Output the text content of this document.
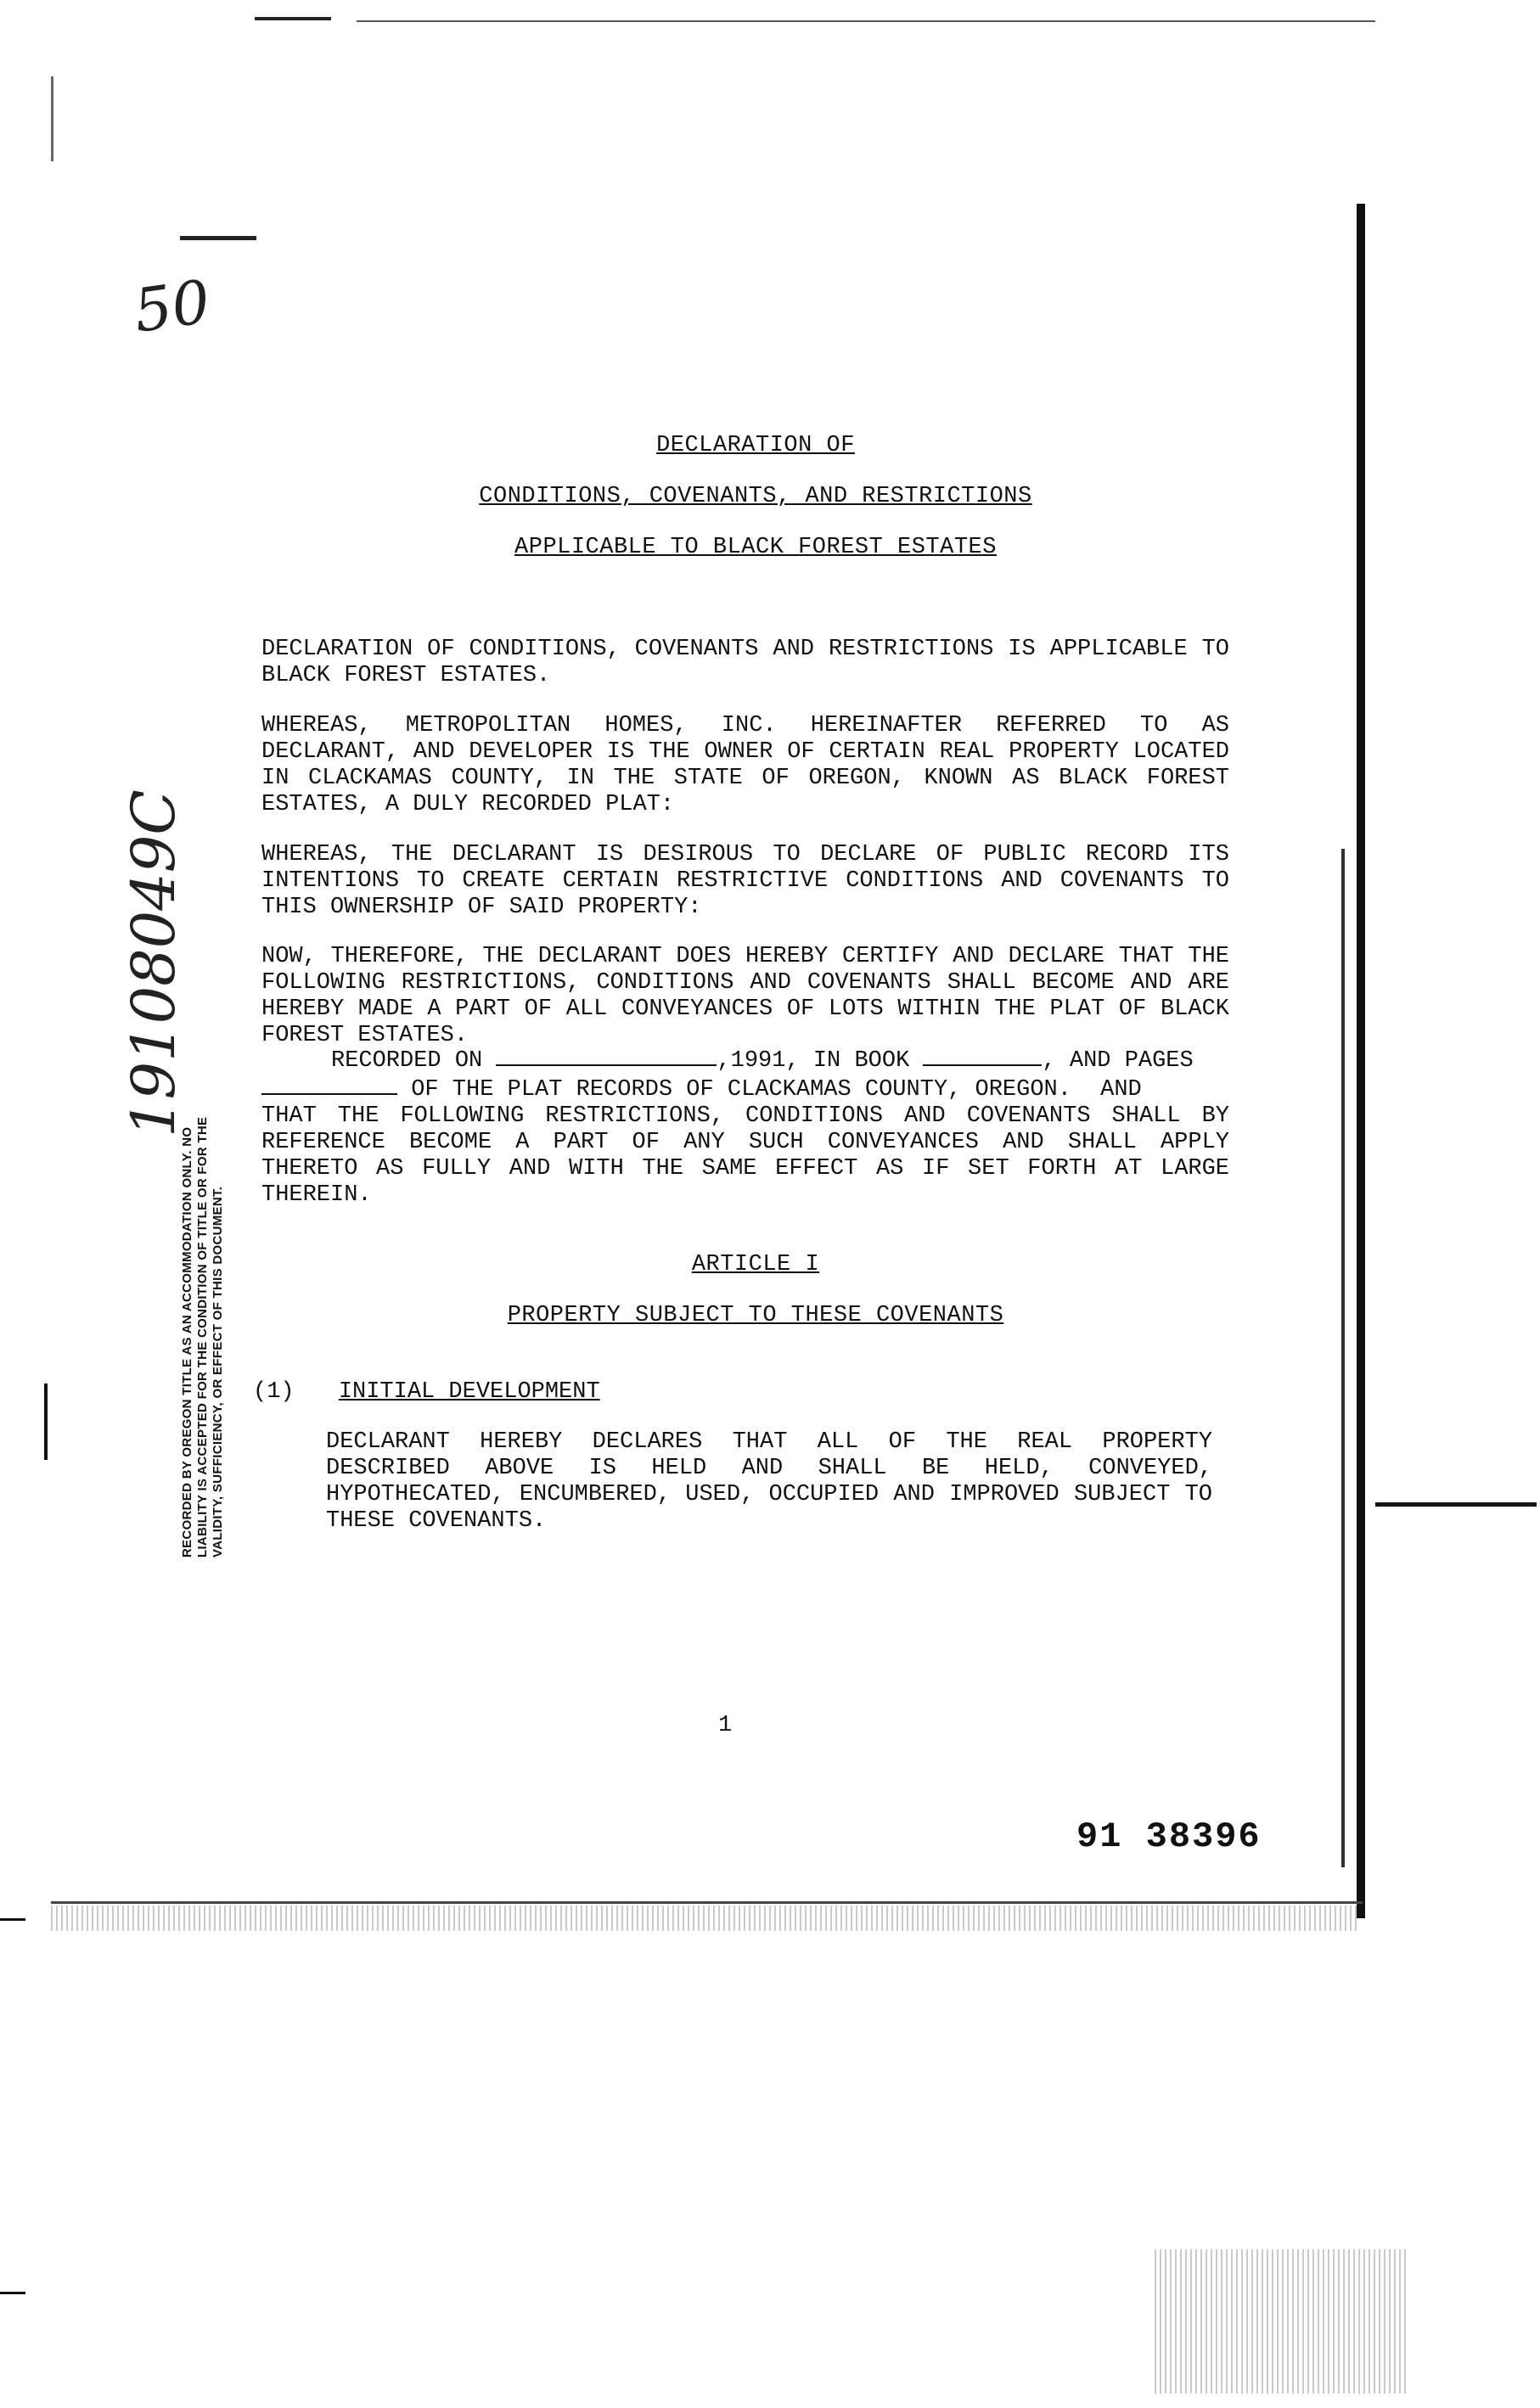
50
19108049C
RECORDED BY OREGON TITLE AS AN ACCOMMODATION ONLY. NO LIABILITY IS ACCEPTED FOR THE CONDITION OF TITLE OR FOR THE VALIDITY, SUFFICIENCY, OR EFFECT OF THIS DOCUMENT.
DECLARATION OF
CONDITIONS, COVENANTS, AND RESTRICTIONS
APPLICABLE TO BLACK FOREST ESTATES
DECLARATION OF CONDITIONS, COVENANTS AND RESTRICTIONS IS APPLICABLE TO BLACK FOREST ESTATES.
WHEREAS, METROPOLITAN HOMES, INC. HEREINAFTER REFERRED TO AS DECLARANT, AND DEVELOPER IS THE OWNER OF CERTAIN REAL PROPERTY LOCATED IN CLACKAMAS COUNTY, IN THE STATE OF OREGON, KNOWN AS BLACK FOREST ESTATES, A DULY RECORDED PLAT:
WHEREAS, THE DECLARANT IS DESIROUS TO DECLARE OF PUBLIC RECORD ITS INTENTIONS TO CREATE CERTAIN RESTRICTIVE CONDITIONS AND COVENANTS TO THIS OWNERSHIP OF SAID PROPERTY:
NOW, THEREFORE, THE DECLARANT DOES HEREBY CERTIFY AND DECLARE THAT THE FOLLOWING RESTRICTIONS, CONDITIONS AND COVENANTS SHALL BECOME AND ARE HEREBY MADE A PART OF ALL CONVEYANCES OF LOTS WITHIN THE PLAT OF BLACK FOREST ESTATES.
RECORDED ON	,1991, IN BOOK	, AND PAGES
OF THE PLAT RECORDS OF CLACKAMAS COUNTY, OREGON. AND
THAT THE FOLLOWING RESTRICTIONS, CONDITIONS AND COVENANTS SHALL BY REFERENCE BECOME A PART OF ANY SUCH CONVEYANCES AND SHALL APPLY THERETO AS FULLY AND WITH THE SAME EFFECT AS IF SET FORTH AT LARGE THEREIN.
ARTICLE I
PROPERTY SUBJECT TO THESE COVENANTS
(1) INITIAL DEVELOPMENT
DECLARANT HEREBY DECLARES THAT ALL OF THE REAL PROPERTY DESCRIBED ABOVE IS HELD AND SHALL BE HELD, CONVEYED, HYPOTHECATED, ENCUMBERED, USED, OCCUPIED AND IMPROVED SUBJECT TO THESE COVENANTS.
1
91 38396
